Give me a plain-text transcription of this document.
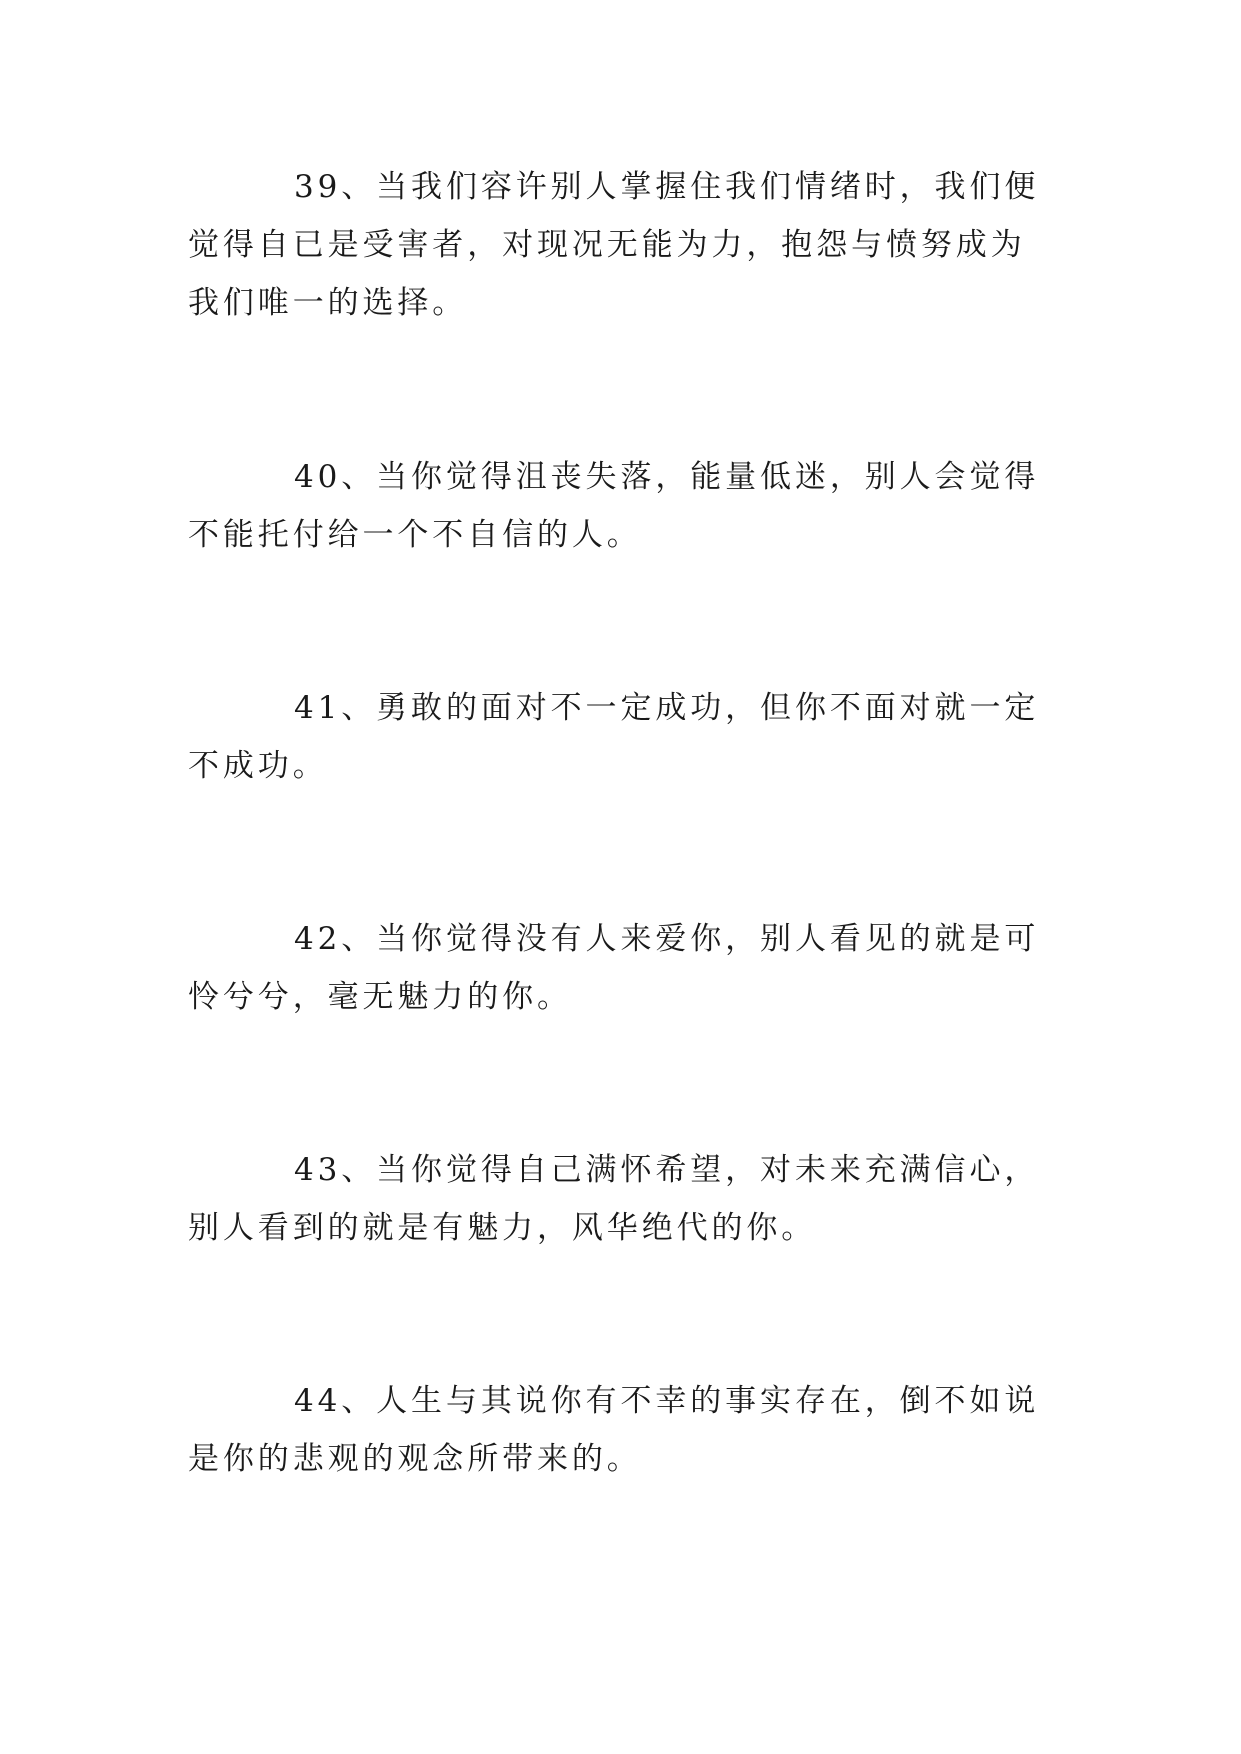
39、当我们容许别人掌握住我们情绪时，我们便觉得自已是受害者，对现况无能为力，抱怨与愤努成为我们唯一的选择。

40、当你觉得沮丧失落，能量低迷，别人会觉得不能托付给一个不自信的人。

41、勇敢的面对不一定成功，但你不面对就一定不成功。

42、当你觉得没有人来爱你，别人看见的就是可怜兮兮，毫无魅力的你。

43、当你觉得自己满怀希望，对未来充满信心，别人看到的就是有魅力，风华绝代的你。

44、人生与其说你有不幸的事实存在，倒不如说是你的悲观的观念所带来的。
